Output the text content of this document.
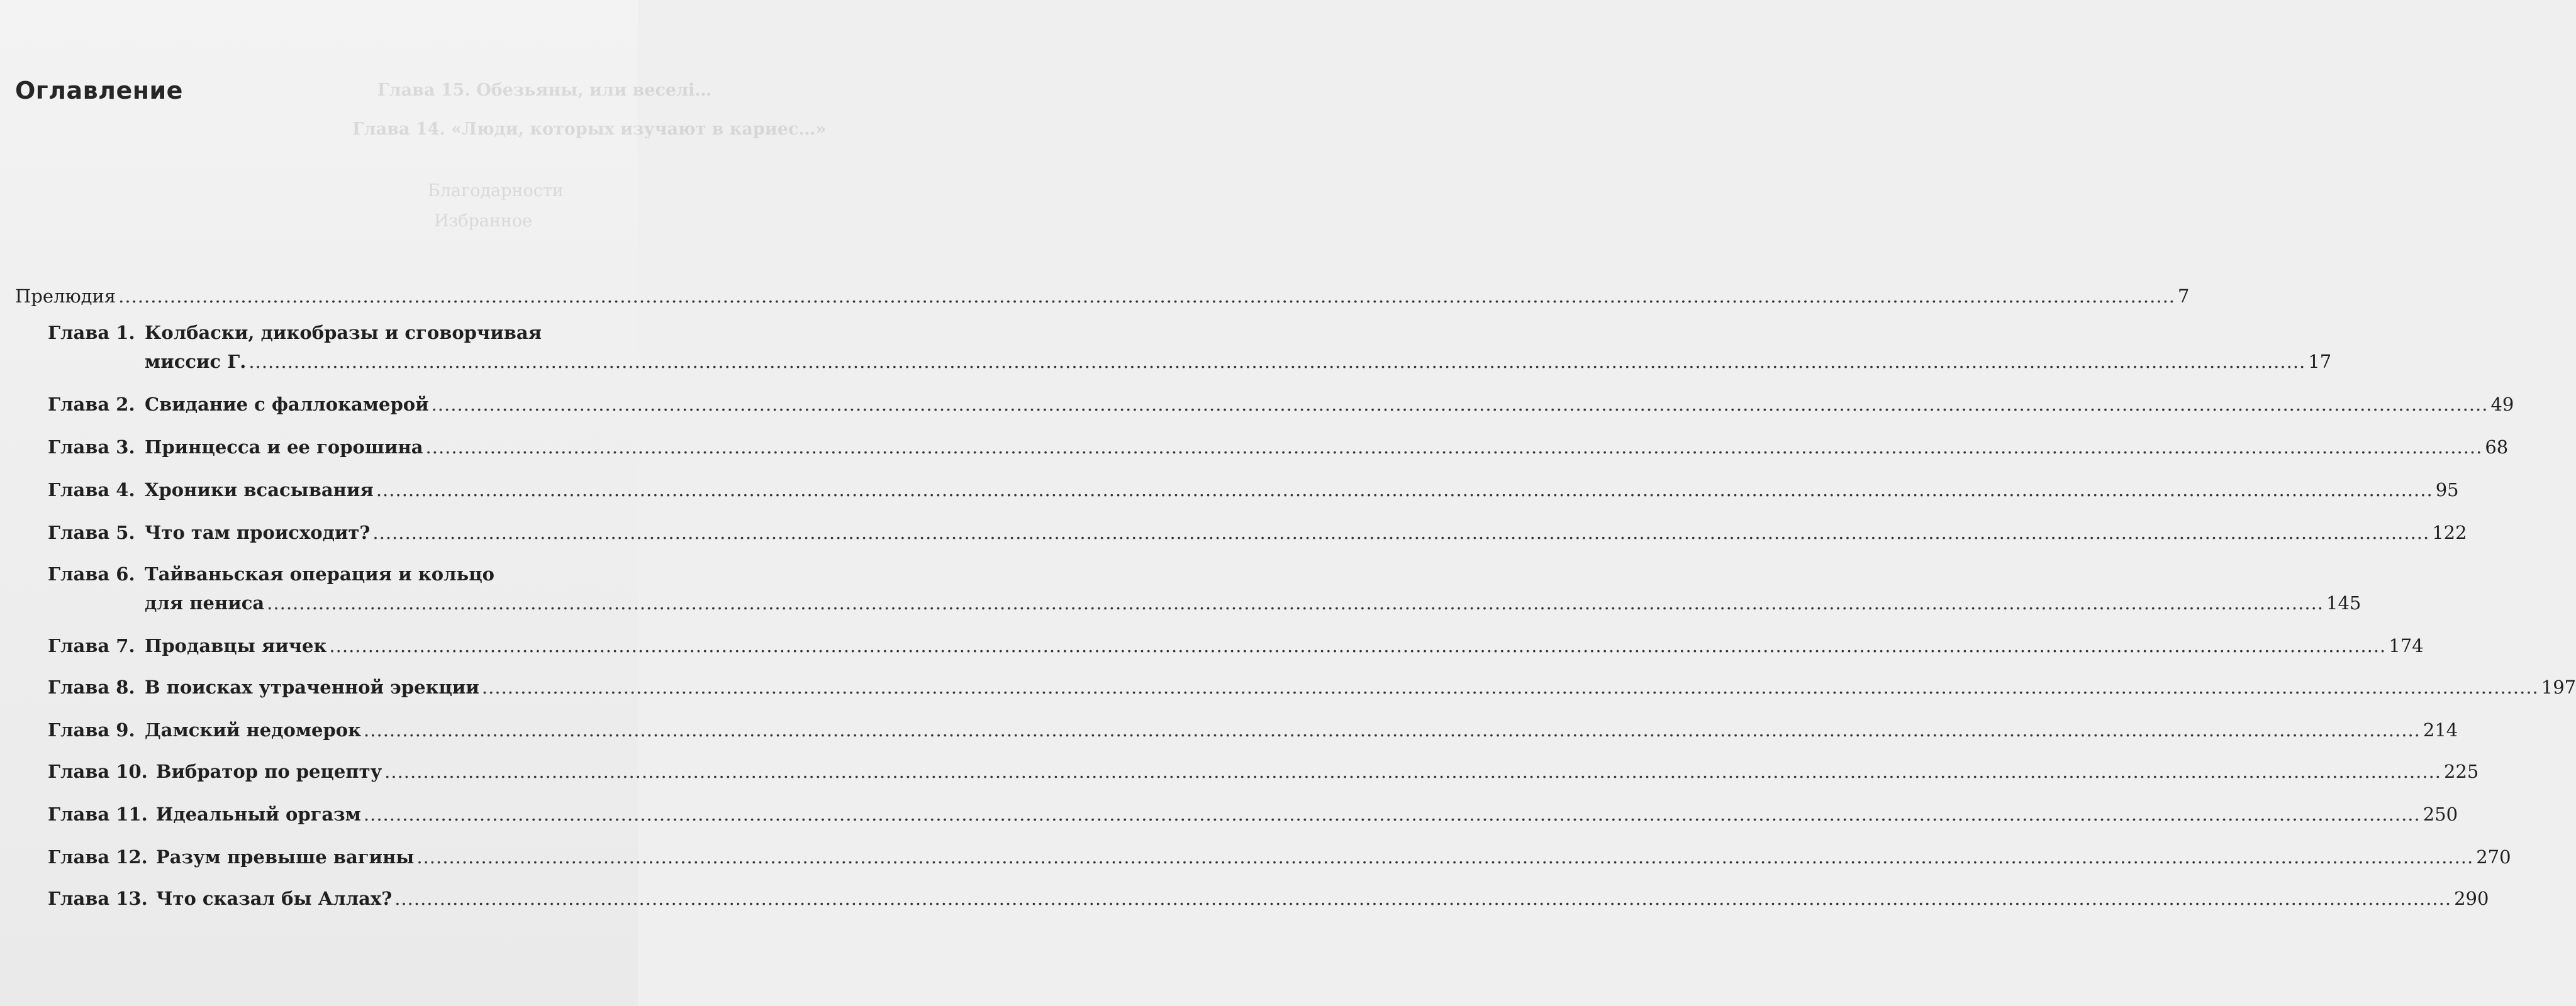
Глава 15. Обезьяны, или веселі…
Глава 14. «Люди, которых изучают в кариес…»
Благодарности
Избранное
Оглавление
Прелюдия .....	7
Глава 1. Колбаски, дикобразы и сговорчивая
миссис Г. .....	17
Глава 2. Свидание с фаллокамерой .....	49
Глава 3. Принцесса и ее горошина .....	68
Глава 4. Хроники всасывания .....	95
Глава 5. Что там происходит? .....	122
Глава 6. Тайваньская операция и кольцо
для пениса .....	145
Глава 7. Продавцы яичек .....	174
Глава 8. В поисках утраченной эрекции .....	197
Глава 9. Дамский недомерок .....	214
Глава 10. Вибратор по рецепту .....	225
Глава 11. Идеальный оргазм .....	250
Глава 12. Разум превыше вагины .....	270
Глава 13. Что сказал бы Аллах? .....	290
